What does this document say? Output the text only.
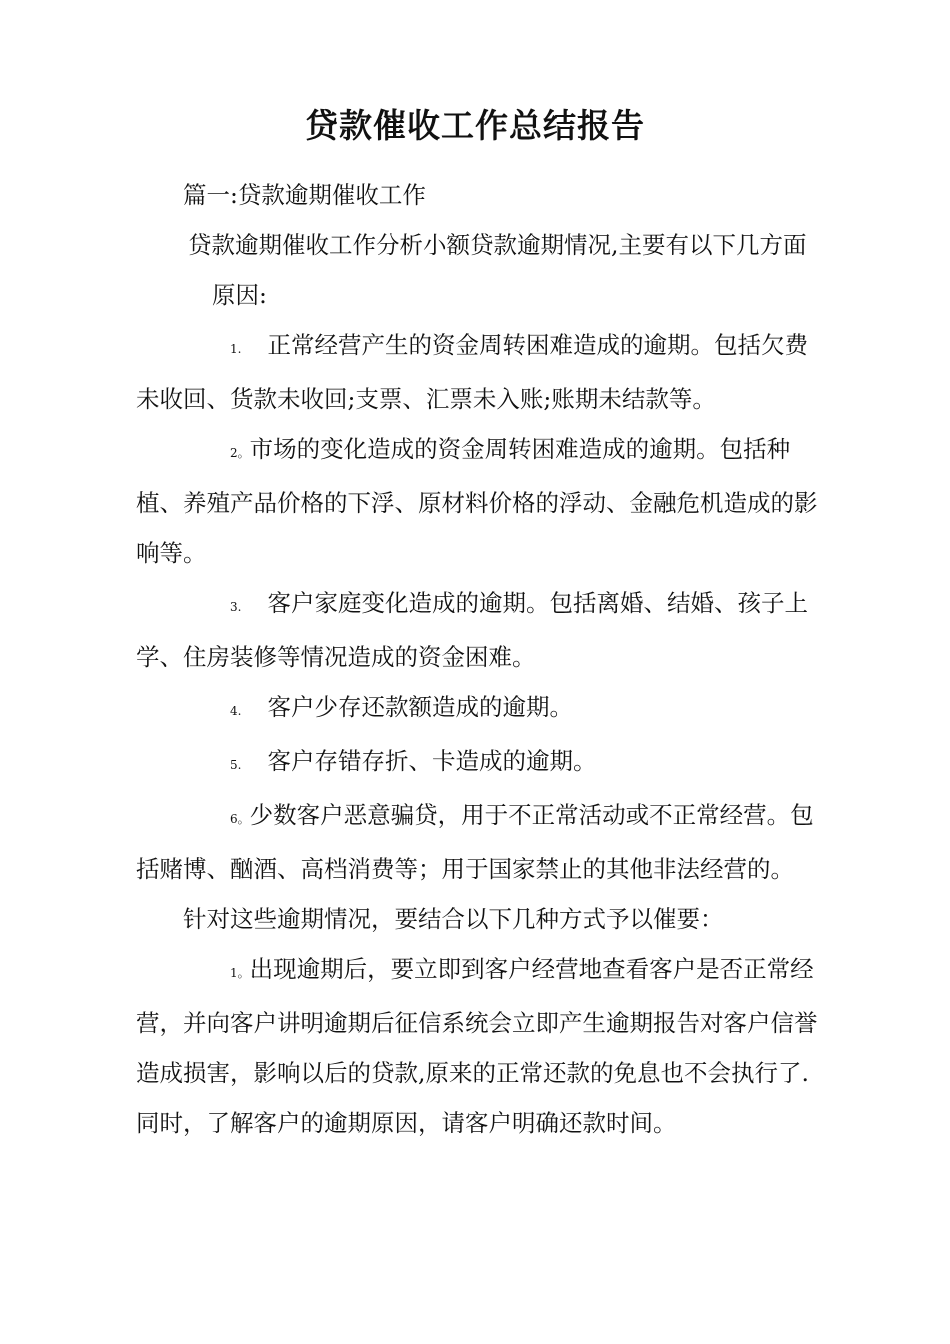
贷款催收工作总结报告

篇一:贷款逾期催收工作

贷款逾期催收工作分析小额贷款逾期情况,主要有以下几方面原因:

1. 正常经营产生的资金周转困难造成的逾期。包括欠费未收回、货款未收回;支票、汇票未入账;账期未结款等。

2。市场的变化造成的资金周转困难造成的逾期。包括种植、养殖产品价格的下浮、原材料价格的浮动、金融危机造成的影响等。

3. 客户家庭变化造成的逾期。包括离婚、结婚、孩子上学、住房装修等情况造成的资金困难。

4. 客户少存还款额造成的逾期。

5. 客户存错存折、卡造成的逾期。

6。少数客户恶意骗贷，用于不正常活动或不正常经营。包括赌博、酗酒、高档消费等；用于国家禁止的其他非法经营的。

针对这些逾期情况，要结合以下几种方式予以催要：

1。出现逾期后，要立即到客户经营地查看客户是否正常经营，并向客户讲明逾期后征信系统会立即产生逾期报告对客户信誉造成损害，影响以后的贷款,原来的正常还款的免息也不会执行了.同时，了解客户的逾期原因，请客户明确还款时间。
